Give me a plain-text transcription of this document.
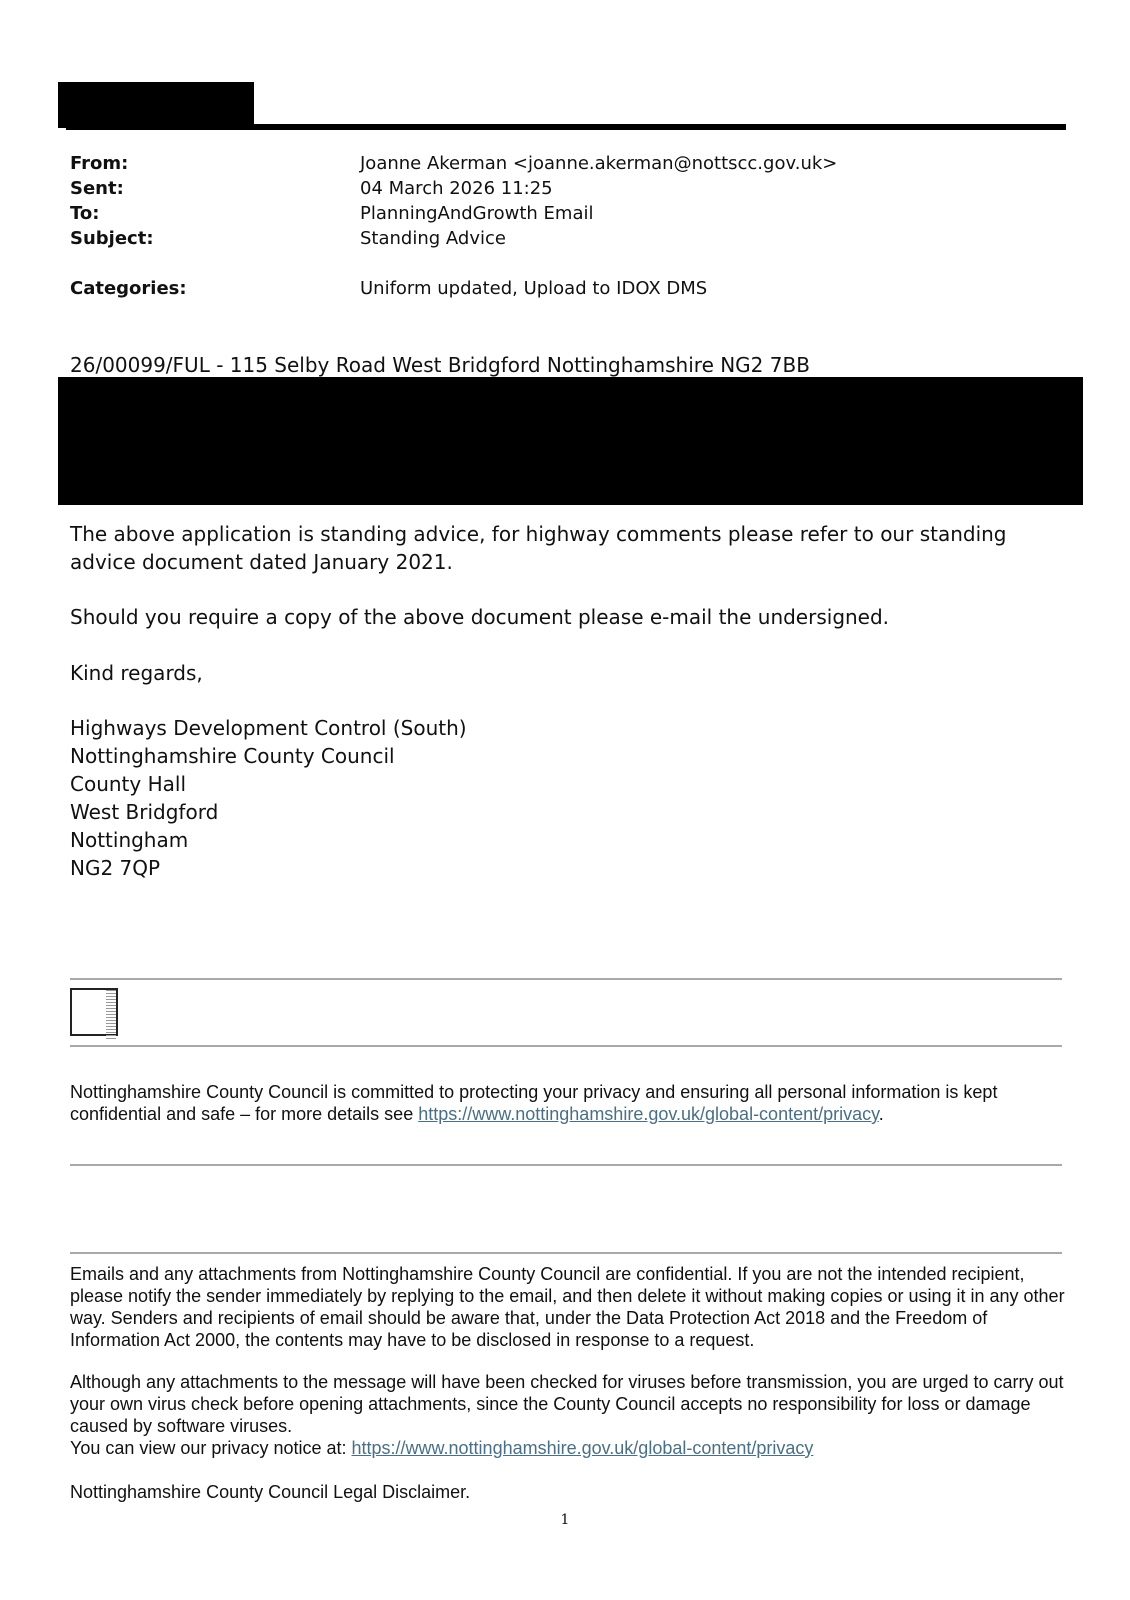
From:	Joanne Akerman <joanne.akerman@nottscc.gov.uk>
Sent:	04 March 2026 11:25
To:	PlanningAndGrowth Email
Subject:	Standing Advice
Categories:	Uniform updated, Upload to IDOX DMS
26/00099/FUL - 115 Selby Road West Bridgford Nottinghamshire NG2 7BB
The above application is standing advice, for highway comments please refer to our standing advice document dated January 2021.
Should you require a copy of the above document please e-mail the undersigned.
Kind regards,
Highways Development Control (South)
Nottinghamshire County Council
County Hall
West Bridgford
Nottingham
NG2 7QP
Nottinghamshire County Council is committed to protecting your privacy and ensuring all personal information is kept confidential and safe – for more details see https://www.nottinghamshire.gov.uk/global-content/privacy.
Emails and any attachments from Nottinghamshire County Council are confidential. If you are not the intended recipient, please notify the sender immediately by replying to the email, and then delete it without making copies or using it in any other way. Senders and recipients of email should be aware that, under the Data Protection Act 2018 and the Freedom of Information Act 2000, the contents may have to be disclosed in response to a request.
Although any attachments to the message will have been checked for viruses before transmission, you are urged to carry out your own virus check before opening attachments, since the County Council accepts no responsibility for loss or damage caused by software viruses.
You can view our privacy notice at: https://www.nottinghamshire.gov.uk/global-content/privacy
Nottinghamshire County Council Legal Disclaimer.
1
